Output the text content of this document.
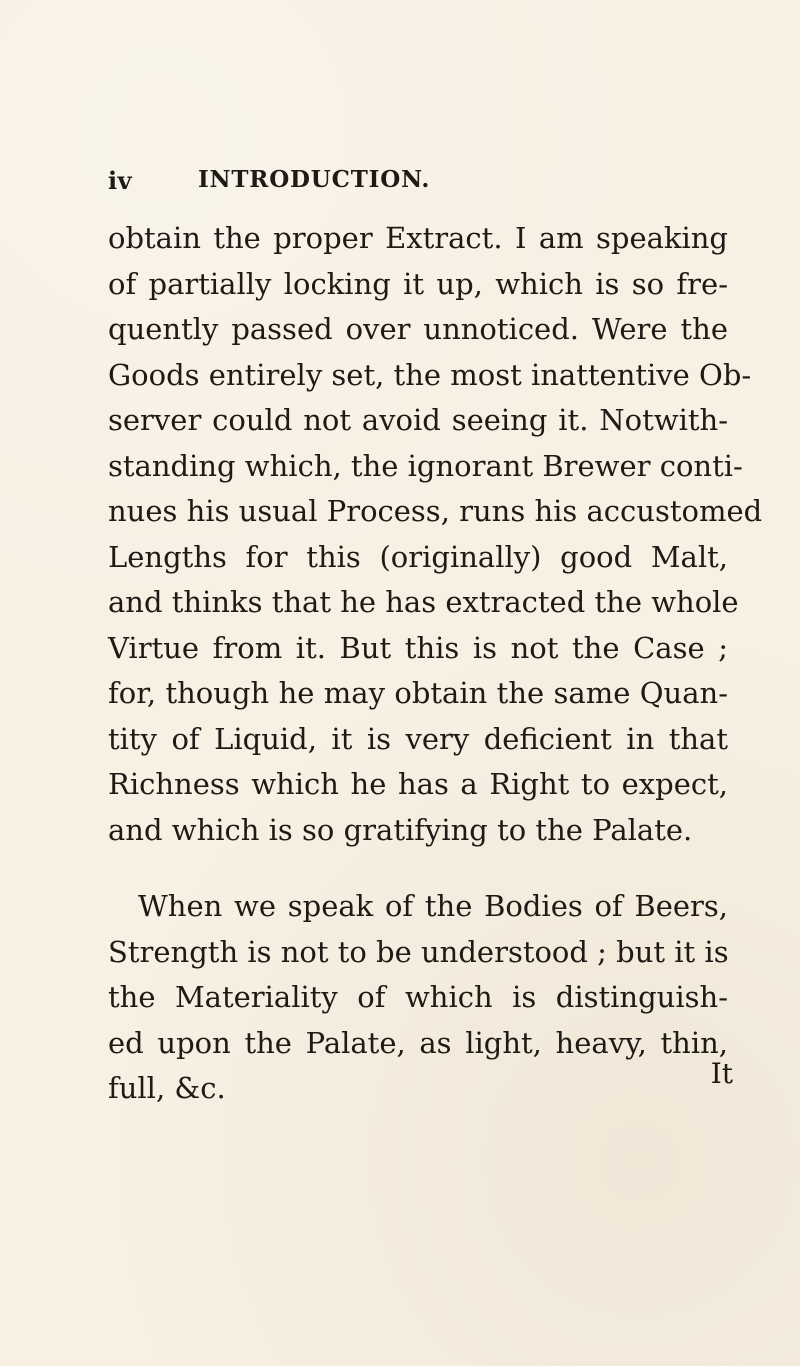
iv	INTRODUCTION.
obtain the proper Extract. I am speaking
of partially locking it up, which is so fre-
quently passed over unnoticed. Were the
Goods entirely set, the most inattentive Ob-
server could not avoid seeing it. Notwith-
standing which, the ignorant Brewer conti-
nues his usual Process, runs his accustomed
Lengths for this (originally) good Malt,
and thinks that he has extracted the whole
Virtue from it. But this is not the Case ;
for, though he may obtain the same Quan-
tity of Liquid, it is very deficient in that
Richness which he has a Right to expect,
and which is so gratifying to the Palate.
When we speak of the Bodies of Beers,
Strength is not to be understood ; but it is
the Materiality of which is distinguish-
ed upon the Palate, as light, heavy, thin,
full, &c.	It
